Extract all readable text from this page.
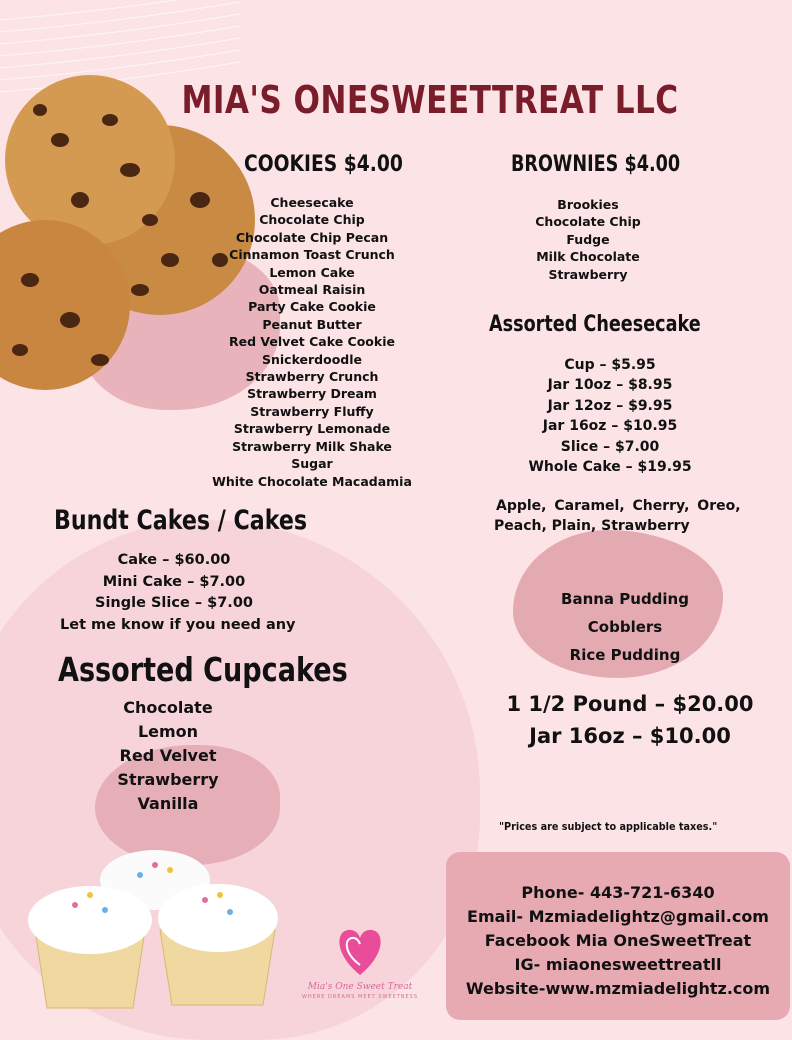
Mia's One Sweet Treat
WHERE DREAMS MEET SWEETNESS
MIA'S ONESWEETTREAT LLC
COOKIES $4.00
Cheesecake
Chocolate Chip
Chocolate Chip Pecan
Cinnamon Toast Crunch
Lemon Cake
Oatmeal Raisin
Party Cake Cookie
Peanut Butter
Red Velvet Cake Cookie
Snickerdoodle
Strawberry Crunch
Strawberry Dream
Strawberry Fluffy
Strawberry Lemonade
Strawberry Milk Shake
Sugar
White Chocolate Macadamia
BROWNIES $4.00
Brookies
Chocolate Chip
Fudge
Milk Chocolate
Strawberry
Assorted Cheesecake
Cup – $5.95
Jar 10oz – $8.95
Jar 12oz – $9.95
Jar 16oz – $10.95
Slice – $7.00
Whole Cake – $19.95
Apple, Caramel, Cherry, Oreo,
Peach, Plain, Strawberry
Bundt Cakes / Cakes
Cake – $60.00
Mini Cake – $7.00
Single Slice – $7.00
Let me know if you need any
Assorted Cupcakes
Chocolate
Lemon
Red Velvet
Strawberry
Vanilla
Banna Pudding
Cobblers
Rice Pudding
1 1/2 Pound – $20.00
Jar 16oz – $10.00
"Prices are subject to applicable taxes."
Phone- 443-721-6340
Email- Mzmiadelightz@gmail.com
Facebook Mia OneSweetTreat
IG- miaonesweettreatll
Website-www.mzmiadelightz.com
